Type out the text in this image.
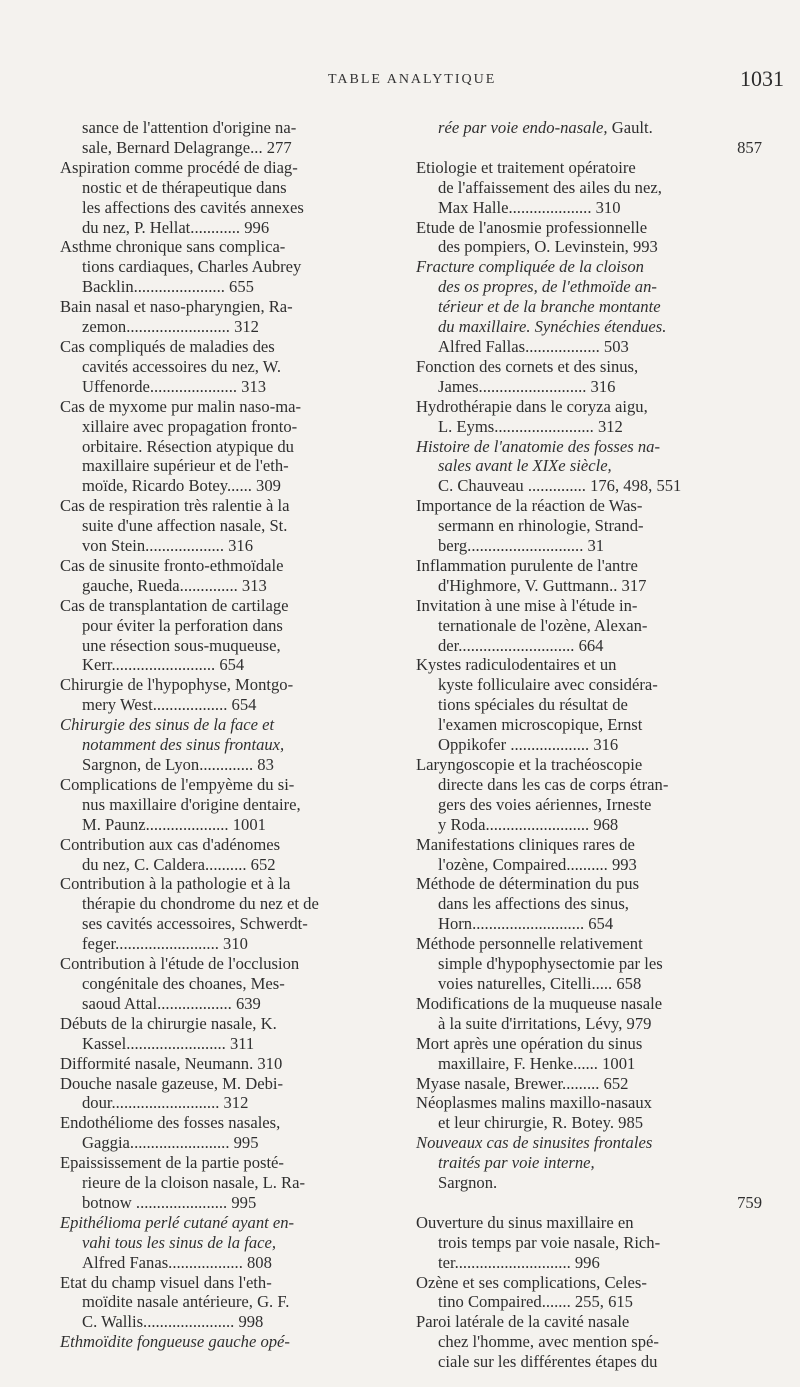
TABLE ANALYTIQUE	1031
sance de l'attention d'origine na-
sale, Bernard Delagrange... 277
Aspiration comme procédé de diag-
nostic et de thérapeutique dans
les affections des cavités annexes
du nez, P. Hellat............ 996
Asthme chronique sans complica-
tions cardiaques, Charles Aubrey
Backlin...................... 655
Bain nasal et naso-pharyngien, Ra-
zemon......................... 312
Cas compliqués de maladies des
cavités accessoires du nez, W.
Uffenorde..................... 313
Cas de myxome pur malin naso-ma-
xillaire avec propagation fronto-
orbitaire. Résection atypique du
maxillaire supérieur et de l'eth-
moïde, Ricardo Botey...... 309
Cas de respiration très ralentie à la
suite d'une affection nasale, St.
von Stein................... 316
Cas de sinusite fronto-ethmoïdale
gauche, Rueda.............. 313
Cas de transplantation de cartilage
pour éviter la perforation dans
une résection sous-muqueuse,
Kerr......................... 654
Chirurgie de l'hypophyse, Montgo-
mery West.................. 654
Chirurgie des sinus de la face et
notamment des sinus frontaux,
Sargnon, de Lyon............. 83
Complications de l'empyème du si-
nus maxillaire d'origine dentaire,
M. Paunz.................... 1001
Contribution aux cas d'adénomes
du nez, C. Caldera.......... 652
Contribution à la pathologie et à la
thérapie du chondrome du nez et de
ses cavités accessoires, Schwerdt-
feger......................... 310
Contribution à l'étude de l'occlusion
congénitale des choanes, Mes-
saoud Attal.................. 639
Débuts de la chirurgie nasale, K.
Kassel........................ 311
Difformité nasale, Neumann. 310
Douche nasale gazeuse, M. Debi-
dour.......................... 312
Endothéliome des fosses nasales,
Gaggia........................ 995
Epaississement de la partie posté-
rieure de la cloison nasale, L. Ra-
botnow ...................... 995
Epithélioma perlé cutané ayant en-
vahi tous les sinus de la face,
Alfred Fanas.................. 808
Etat du champ visuel dans l'eth-
moïdite nasale antérieure, G. F.
C. Wallis...................... 998
Ethmoïdite fongueuse gauche opé-
rée par voie endo-nasale, Gault.
857
Etiologie et traitement opératoire
de l'affaissement des ailes du nez,
Max Halle.................... 310
Etude de l'anosmie professionnelle
des pompiers, O. Levinstein, 993
Fracture compliquée de la cloison
des os propres, de l'ethmoïde an-
térieur et de la branche montante
du maxillaire. Synéchies étendues.
Alfred Fallas.................. 503
Fonction des cornets et des sinus,
James.......................... 316
Hydrothérapie dans le coryza aigu,
L. Eyms........................ 312
Histoire de l'anatomie des fosses na-
sales avant le XIXe siècle,
C. Chauveau .............. 176, 498, 551
Importance de la réaction de Was-
sermann en rhinologie, Strand-
berg............................ 31
Inflammation purulente de l'antre
d'Highmore, V. Guttmann.. 317
Invitation à une mise à l'étude in-
ternationale de l'ozène, Alexan-
der............................ 664
Kystes radiculodentaires et un
kyste folliculaire avec considéra-
tions spéciales du résultat de
l'examen microscopique, Ernst
Oppikofer ................... 316
Laryngoscopie et la trachéoscopie
directe dans les cas de corps étran-
gers des voies aériennes, Irneste
y Roda......................... 968
Manifestations cliniques rares de
l'ozène, Compaired.......... 993
Méthode de détermination du pus
dans les affections des sinus,
Horn........................... 654
Méthode personnelle relativement
simple d'hypophysectomie par les
voies naturelles, Citelli..... 658
Modifications de la muqueuse nasale
à la suite d'irritations, Lévy, 979
Mort après une opération du sinus
maxillaire, F. Henke...... 1001
Myase nasale, Brewer......... 652
Néoplasmes malins maxillo-nasaux
et leur chirurgie, R. Botey. 985
Nouveaux cas de sinusites frontales
traités par voie interne,
Sargnon.
759
Ouverture du sinus maxillaire en
trois temps par voie nasale, Rich-
ter............................ 996
Ozène et ses complications, Celes-
tino Compaired....... 255, 615
Paroi latérale de la cavité nasale
chez l'homme, avec mention spé-
ciale sur les différentes étapes du
